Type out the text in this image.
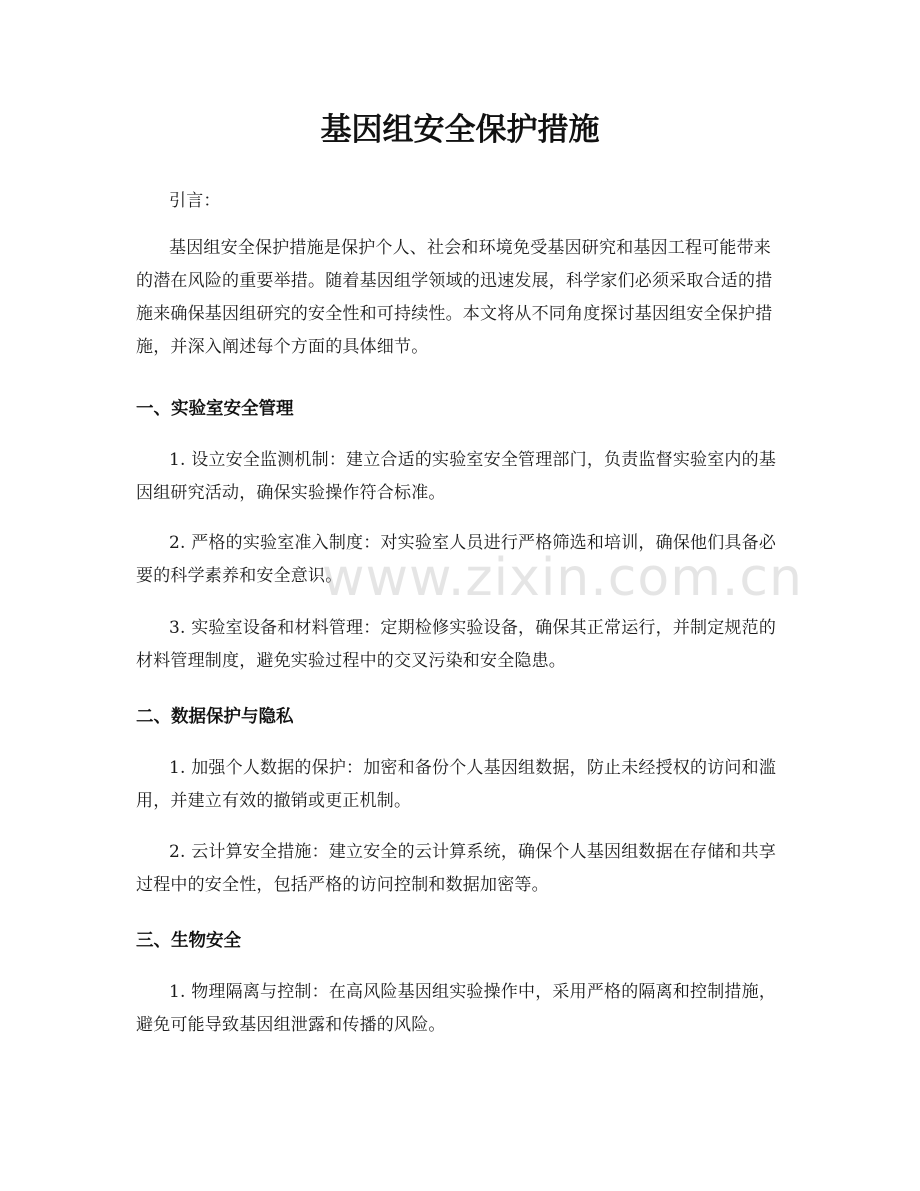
基因组安全保护措施

引言：

基因组安全保护措施是保护个人、社会和环境免受基因研究和基因工程可能带来的潜在风险的重要举措。随着基因组学领域的迅速发展，科学家们必须采取合适的措施来确保基因组研究的安全性和可持续性。本文将从不同角度探讨基因组安全保护措施，并深入阐述每个方面的具体细节。

一、实验室安全管理

1. 设立安全监测机制：建立合适的实验室安全管理部门，负责监督实验室内的基因组研究活动，确保实验操作符合标准。

2. 严格的实验室准入制度：对实验室人员进行严格筛选和培训，确保他们具备必要的科学素养和安全意识。

3. 实验室设备和材料管理：定期检修实验设备，确保其正常运行，并制定规范的材料管理制度，避免实验过程中的交叉污染和安全隐患。

二、数据保护与隐私

1. 加强个人数据的保护：加密和备份个人基因组数据，防止未经授权的访问和滥用，并建立有效的撤销或更正机制。

2. 云计算安全措施：建立安全的云计算系统，确保个人基因组数据在存储和共享过程中的安全性，包括严格的访问控制和数据加密等。

三、生物安全

1. 物理隔离与控制：在高风险基因组实验操作中，采用严格的隔离和控制措施，避免可能导致基因组泄露和传播的风险。

www.zixin.com.cn
